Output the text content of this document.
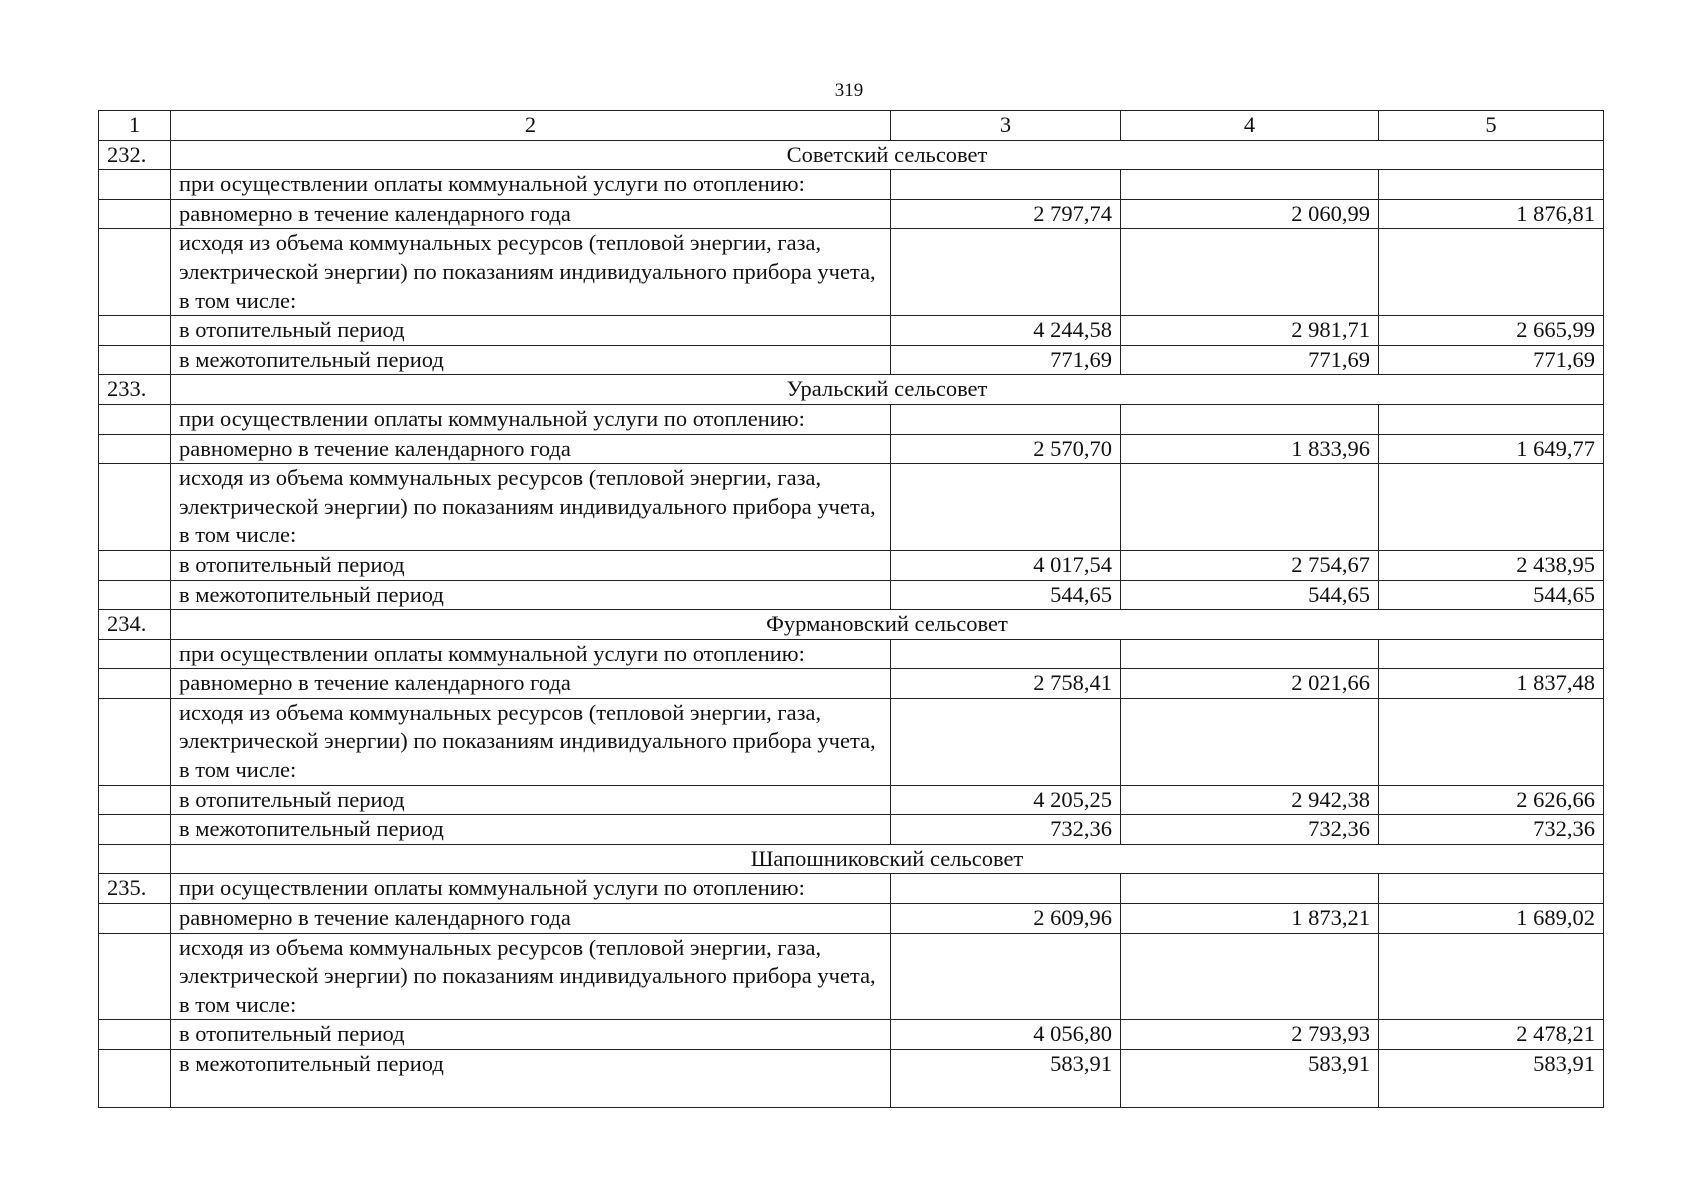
319
1	2	3	4	5
232.	Советский сельсовет			
	при осуществлении оплаты коммунальной услуги по отоплению:			
	равномерно в течение календарного года	2 797,74	2 060,99	1 876,81
	исходя из объема коммунальных ресурсов (тепловой энергии, газа, электрической энергии) по показаниям индивидуального прибора учета, в том числе:			
	в отопительный период	4 244,58	2 981,71	2 665,99
	в межотопительный период	771,69	771,69	771,69
233.	Уральский сельсовет			
	при осуществлении оплаты коммунальной услуги по отоплению:			
	равномерно в течение календарного года	2 570,70	1 833,96	1 649,77
	исходя из объема коммунальных ресурсов (тепловой энергии, газа, электрической энергии) по показаниям индивидуального прибора учета, в том числе:			
	в отопительный период	4 017,54	2 754,67	2 438,95
	в межотопительный период	544,65	544,65	544,65
234.	Фурмановский сельсовет			
	при осуществлении оплаты коммунальной услуги по отоплению:			
	равномерно в течение календарного года	2 758,41	2 021,66	1 837,48
	исходя из объема коммунальных ресурсов (тепловой энергии, газа, электрической энергии) по показаниям индивидуального прибора учета, в том числе:			
	в отопительный период	4 205,25	2 942,38	2 626,66
	в межотопительный период	732,36	732,36	732,36
	Шапошниковский сельсовет			
235.	при осуществлении оплаты коммунальной услуги по отоплению:			
	равномерно в течение календарного года	2 609,96	1 873,21	1 689,02
	исходя из объема коммунальных ресурсов (тепловой энергии, газа, электрической энергии) по показаниям индивидуального прибора учета, в том числе:			
	в отопительный период	4 056,80	2 793,93	2 478,21
	в межотопительный период	583,91	583,91	583,91
